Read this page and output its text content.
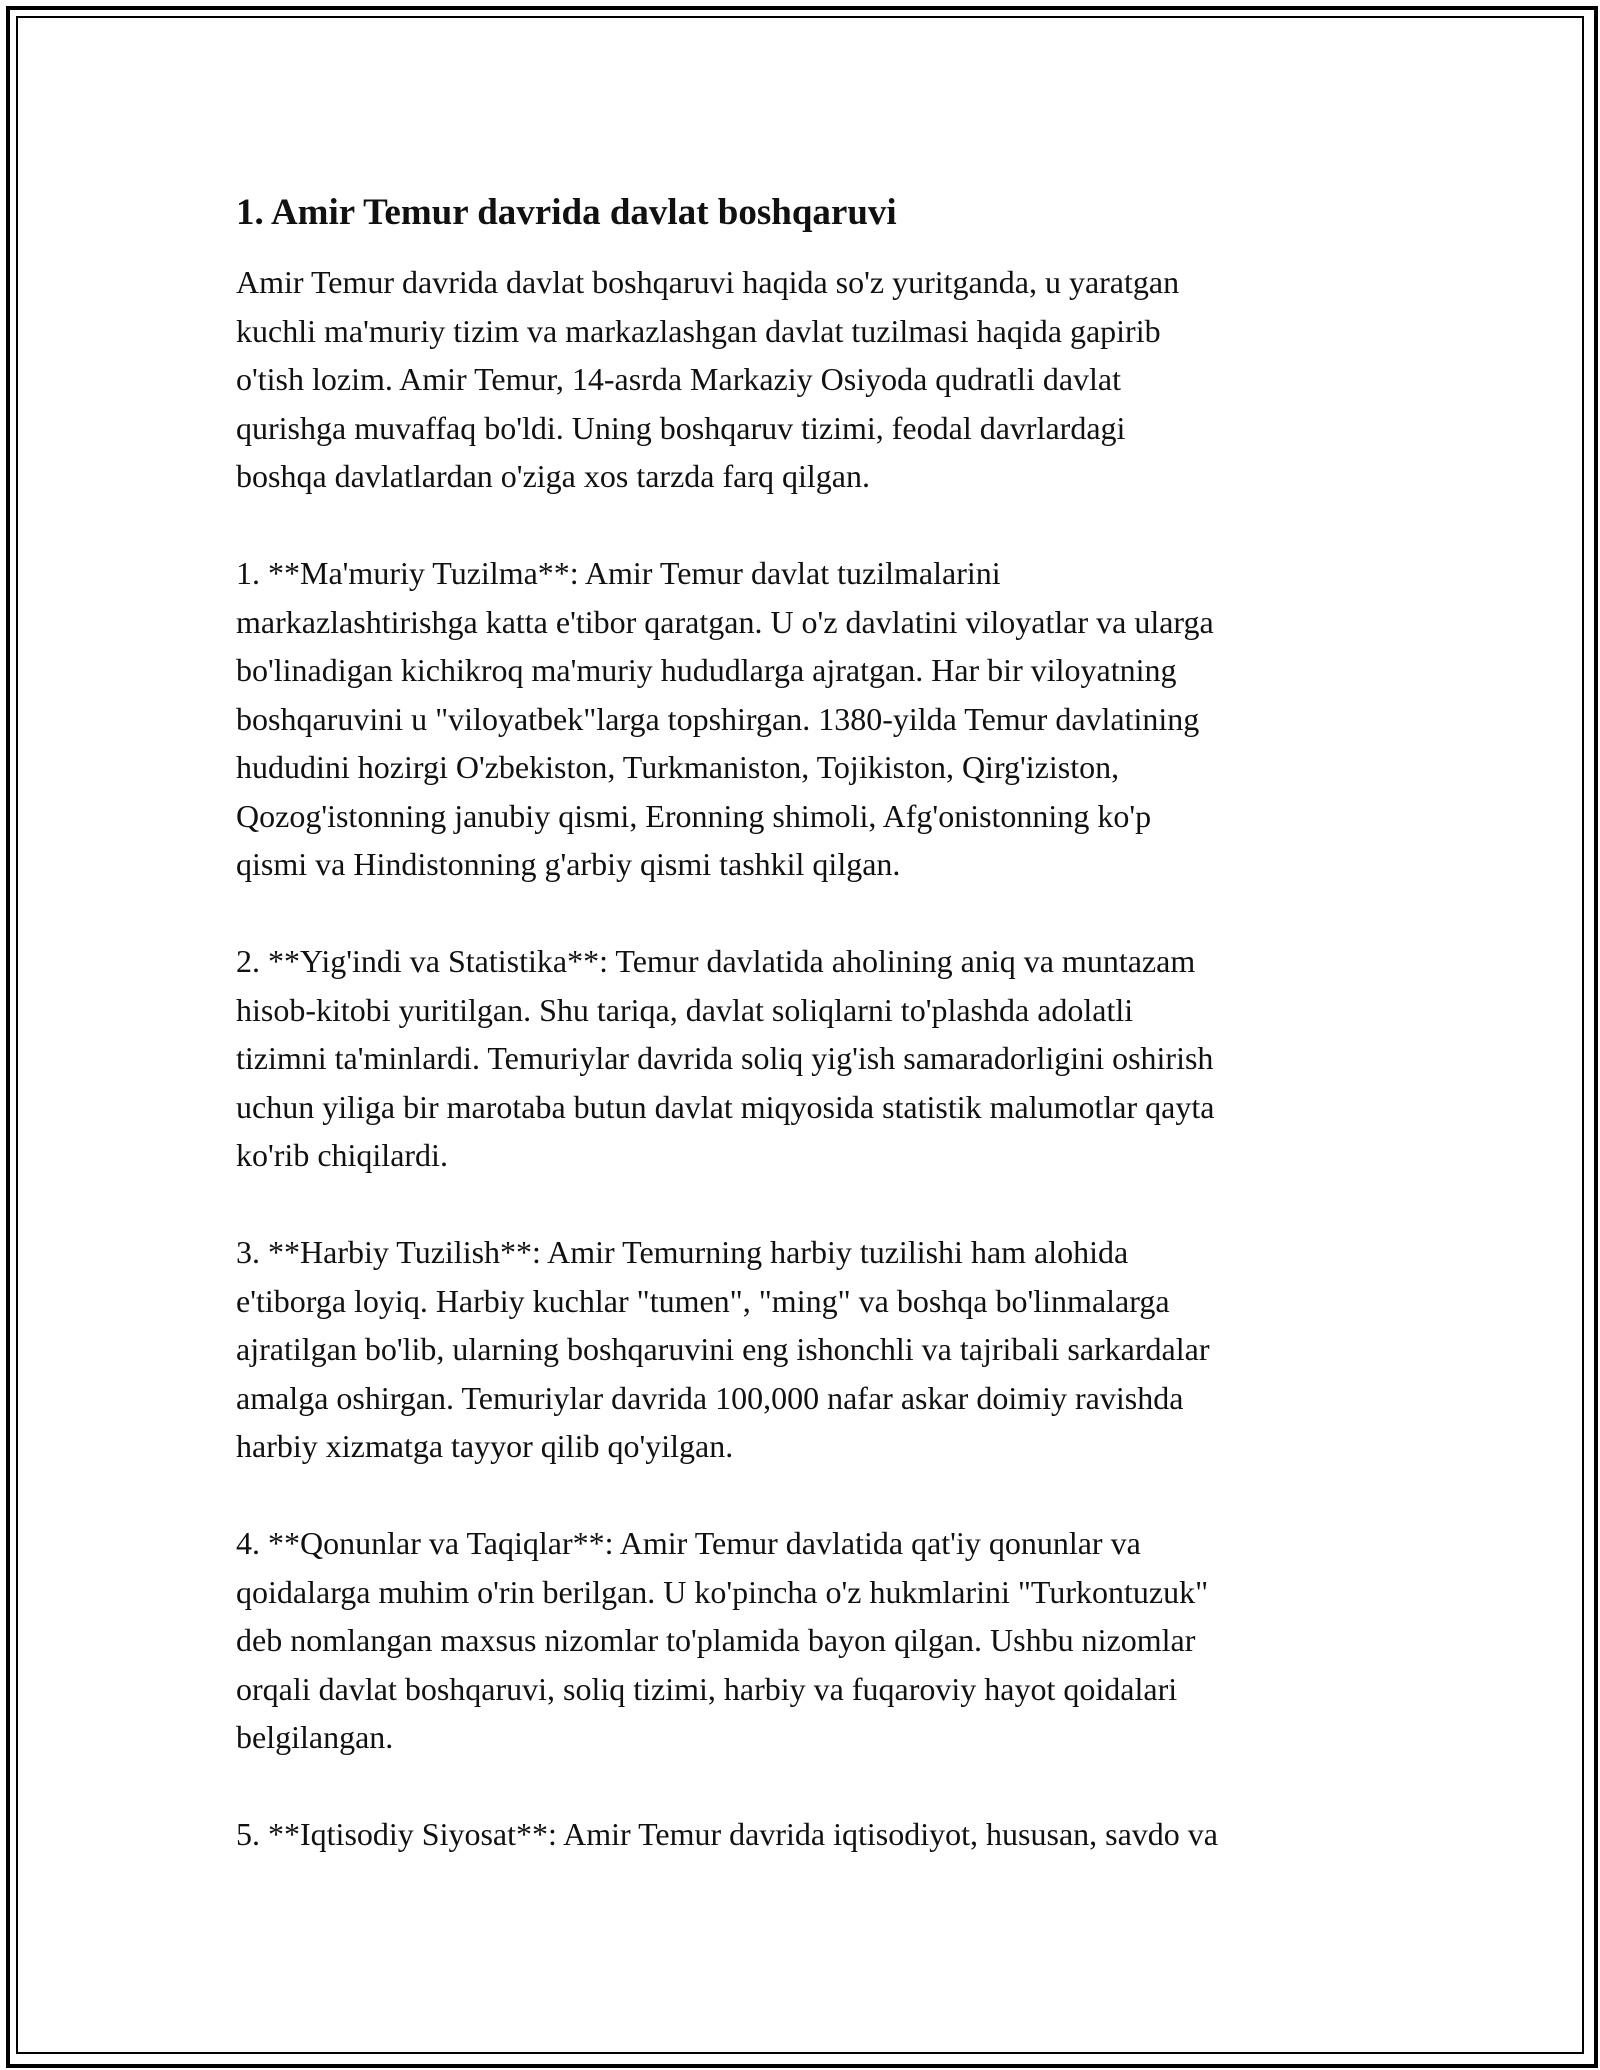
1. Amir Temur davrida davlat boshqaruvi

Amir Temur davrida davlat boshqaruvi haqida so'z yuritganda, u yaratgan
kuchli ma'muriy tizim va markazlashgan davlat tuzilmasi haqida gapirib
o'tish lozim. Amir Temur, 14-asrda Markaziy Osiyoda qudratli davlat
qurishga muvaffaq bo'ldi. Uning boshqaruv tizimi, feodal davrlardagi
boshqa davlatlardan o'ziga xos tarzda farq qilgan.

1. **Ma'muriy Tuzilma**: Amir Temur davlat tuzilmalarini
markazlashtirishga katta e'tibor qaratgan. U o'z davlatini viloyatlar va ularga
bo'linadigan kichikroq ma'muriy hududlarga ajratgan. Har bir viloyatning
boshqaruvini u "viloyatbek"larga topshirgan. 1380-yilda Temur davlatining
hududini hozirgi O'zbekiston, Turkmaniston, Tojikiston, Qirg'iziston,
Qozog'istonning janubiy qismi, Eronning shimoli, Afg'onistonning ko'p
qismi va Hindistonning g'arbiy qismi tashkil qilgan.

2. **Yig'indi va Statistika**: Temur davlatida aholining aniq va muntazam
hisob-kitobi yuritilgan. Shu tariqa, davlat soliqlarni to'plashda adolatli
tizimni ta'minlardi. Temuriylar davrida soliq yig'ish samaradorligini oshirish
uchun yiliga bir marotaba butun davlat miqyosida statistik malumotlar qayta
ko'rib chiqilardi.

3. **Harbiy Tuzilish**: Amir Temurning harbiy tuzilishi ham alohida
e'tiborga loyiq. Harbiy kuchlar "tumen", "ming" va boshqa bo'linmalarga
ajratilgan bo'lib, ularning boshqaruvini eng ishonchli va tajribali sarkardalar
amalga oshirgan. Temuriylar davrida 100,000 nafar askar doimiy ravishda
harbiy xizmatga tayyor qilib qo'yilgan.

4. **Qonunlar va Taqiqlar**: Amir Temur davlatida qat'iy qonunlar va
qoidalarga muhim o'rin berilgan. U ko'pincha o'z hukmlarini "Turkontuzuk"
deb nomlangan maxsus nizomlar to'plamida bayon qilgan. Ushbu nizomlar
orqali davlat boshqaruvi, soliq tizimi, harbiy va fuqaroviy hayot qoidalari
belgilangan.

5. **Iqtisodiy Siyosat**: Amir Temur davrida iqtisodiyot, hususan, savdo va
